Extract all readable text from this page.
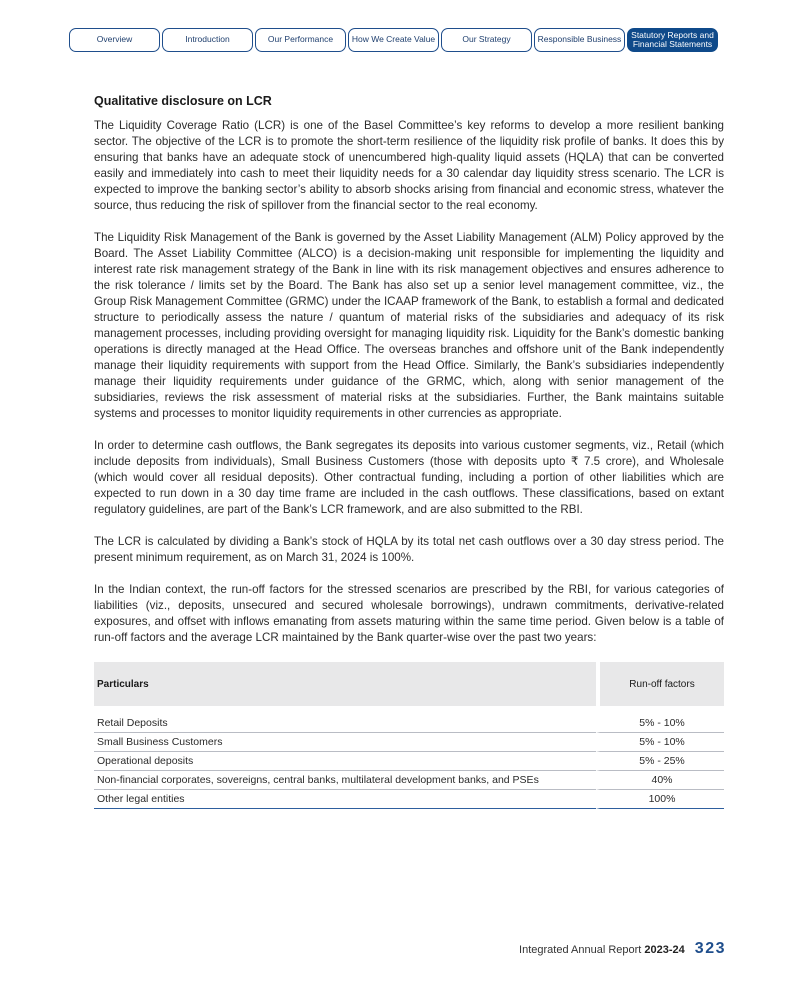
Overview	Introduction	Our Performance	How We Create Value	Our Strategy	Responsible Business	Statutory Reports and
Financial Statements
Qualitative disclosure on LCR

The Liquidity Coverage Ratio (LCR) is one of the Basel Committee’s key reforms to develop a more resilient banking sector. The objective of the LCR is to promote the short-term resilience of the liquidity risk profile of banks. It does this by ensuring that banks have an adequate stock of unencumbered high-quality liquid assets (HQLA) that can be converted easily and immediately into cash to meet their liquidity needs for a 30 calendar day liquidity stress scenario. The LCR is expected to improve the banking sector’s ability to absorb shocks arising from financial and economic stress, whatever the source, thus reducing the risk of spillover from the financial sector to the real economy.

The Liquidity Risk Management of the Bank is governed by the Asset Liability Management (ALM) Policy approved by the Board. The Asset Liability Committee (ALCO) is a decision-making unit responsible for implementing the liquidity and interest rate risk management strategy of the Bank in line with its risk management objectives and ensures adherence to the risk tolerance / limits set by the Board. The Bank has also set up a senior level management committee, viz., the Group Risk Management Committee (GRMC) under the ICAAP framework of the Bank, to establish a formal and dedicated structure to periodically assess the nature / quantum of material risks of the subsidiaries and adequacy of its risk management processes, including providing oversight for managing liquidity risk. Liquidity for the Bank’s domestic banking operations is directly managed at the Head Office. The overseas branches and offshore unit of the Bank independently manage their liquidity requirements with support from the Head Office. Similarly, the Bank’s subsidiaries independently manage their liquidity requirements under guidance of the GRMC, which, along with senior management of the subsidiaries, reviews the risk assessment of material risks at the subsidiaries. Further, the Bank maintains suitable systems and processes to monitor liquidity requirements in other currencies as appropriate.

In order to determine cash outflows, the Bank segregates its deposits into various customer segments, viz., Retail (which include deposits from individuals), Small Business Customers (those with deposits upto ₹ 7.5 crore), and Wholesale (which would cover all residual deposits). Other contractual funding, including a portion of other liabilities which are expected to run down in a 30 day time frame are included in the cash outflows. These classifications, based on extant regulatory guidelines, are part of the Bank’s LCR framework, and are also submitted to the RBI.

The LCR is calculated by dividing a Bank’s stock of HQLA by its total net cash outflows over a 30 day stress period. The present minimum requirement, as on March 31, 2024 is 100%.

In the Indian context, the run-off factors for the stressed scenarios are prescribed by the RBI, for various categories of liabilities (viz., deposits, unsecured and secured wholesale borrowings), undrawn commitments, derivative-related exposures, and offset with inflows emanating from assets maturing within the same time period. Given below is a table of run-off factors and the average LCR maintained by the Bank quarter-wise over the past two years:

Particulars	Run-off factors

Retail Deposits	5% - 10%
Small Business Customers	5% - 10%
Operational deposits	5% - 25%
Non-financial corporates, sovereigns, central banks, multilateral development banks, and PSEs	40%
Other legal entities	100%
Integrated Annual Report 2023-24 323
